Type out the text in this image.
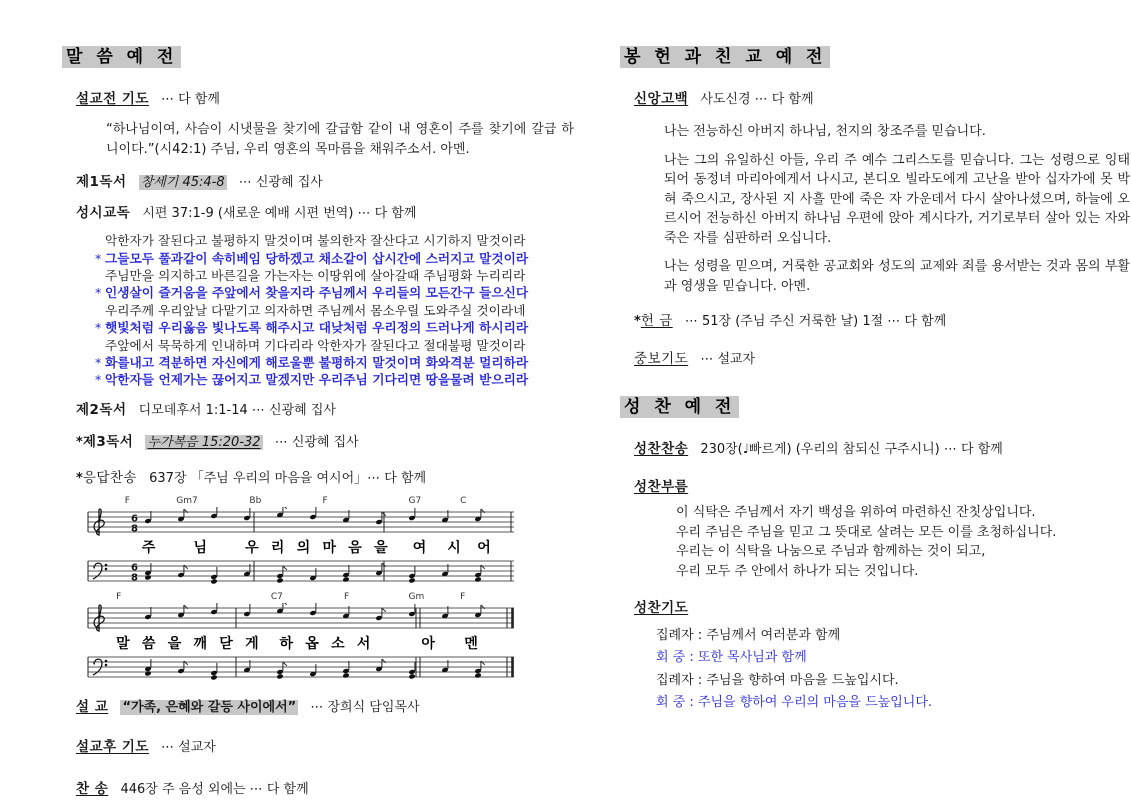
말 씀 예 전
설교전 기도 ⋯ 다 함께

“하나님이여, 사슴이 시냇물을 찾기에 갈급함 같이 내 영혼이 주를 찾기에 갈급 하니이다.”(시42:1) 주님, 우리 영혼의 목마름을 채워주소서. 아멘.

제1독서 창세기 45:4-8 ⋯ 신광혜 집사
성시교독 시편 37:1-9 (새로운 예배 시편 번역) ⋯ 다 함께
악한자가 잘된다고 불평하지 말것이며 불의한자 잘산다고 시기하지 말것이라
* 그들모두 풀과같이 속히베임 당하겠고 채소같이 삽시간에 스러지고 말것이라
주님만을 의지하고 바른길을 가는자는 이땅위에 살아갈때 주님평화 누리리라
* 인생살이 즐거움을 주앞에서 찾을지라 주님께서 우리들의 모든간구 들으신다
우리주께 우리앞날 다맡기고 의자하면 주님께서 몸소우릴 도와주실 것이라네
* 햇빛처럼 우리옳음 빛나도록 해주시고 대낮처럼 우리정의 드러나게 하시리라
주앞에서 묵묵하게 인내하며 기다리라 악한자가 잘된다고 절대불평 말것이라
* 화를내고 격분하면 자신에게 해로울뿐 불평하지 말것이며 화와격분 멀리하라
* 악한자들 언제가는 끊어지고 말겠지만 우리주님 기다리면 땅을물려 받으리라
제2독서 디모데후서 1:1-14 ⋯ 신광혜 집사
*제3독서 누가복음 15:20-32 ⋯ 신광혜 집사
*응답찬송 637장 「주님 우리의 마음을 여시어」⋯ 다 함께
F	Gm7	Bb	F	G7	C
6
8
주	님	우 리 의 마 음 을 여 시 어
6
8
F	C7	F	Gm	F
말 씀 을 깨 닫 게 하 옵 소 서	아 멘
설 교 “가족, 은혜와 갈등 사이에서” ⋯ 장희식 담임목사
설교후 기도 ⋯ 설교자
찬 송 446장 주 음성 외에는 ⋯ 다 함께
봉 헌 과 친 교 예 전
신앙고백 사도신경 ⋯ 다 함께
나는 전능하신 아버지 하나님, 천지의 창조주를 믿습니다.
나는 그의 유일하신 아들, 우리 주 예수 그리스도를 믿습니다. 그는 성령으로 잉태되어 동정녀 마리아에게서 나시고, 본디오 빌라도에게 고난을 받아 십자가에 못 박혀 죽으시고, 장사된 지 사흘 만에 죽은 자 가운데서 다시 살아나셨으며, 하늘에 오르시어 전능하신 아버지 하나님 우편에 앉아 계시다가, 거기로부터 살아 있는 자와 죽은 자를 심판하러 오십니다.
나는 성령을 믿으며, 거룩한 공교회와 성도의 교제와 죄를 용서받는 것과 몸의 부활과 영생을 믿습니다. 아멘.
*헌 금 ⋯ 51장 (주님 주신 거룩한 날) 1절 ⋯ 다 함께
중보기도 ⋯ 설교자
성 찬 예 전
성찬찬송 230장(♩빠르게) (우리의 참되신 구주시니) ⋯ 다 함께
성찬부름
이 식탁은 주님께서 자기 백성을 위하여 마련하신 잔칫상입니다.
우리 주님은 주님을 믿고 그 뜻대로 살려는 모든 이를 초청하십니다.
우리는 이 식탁을 나눔으로 주님과 함께하는 것이 되고,
우리 모두 주 안에서 하나가 되는 것입니다.
성찬기도
집례자 : 주님께서 여러분과 함께
회 중 : 또한 목사님과 함께
집례자 : 주님을 향하여 마음을 드높입시다.
회 중 : 주님을 향하여 우리의 마음을 드높입니다.
